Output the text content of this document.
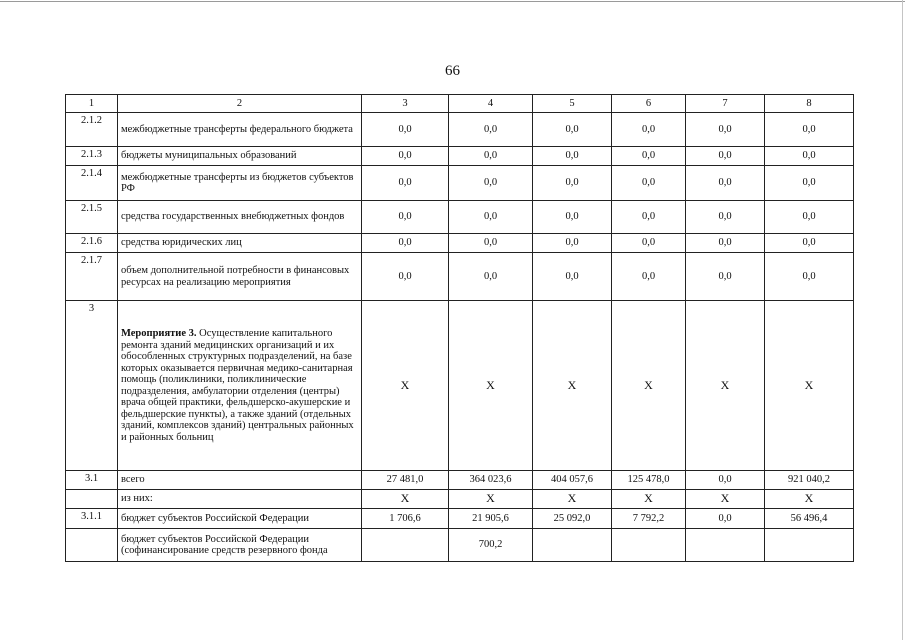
66
1	2	3	4	5	6	7	8
2.1.2	межбюджетные трансферты федерального бюджета	0,0	0,0	0,0	0,0	0,0	0,0
2.1.3	бюджеты муниципальных образований	0,0	0,0	0,0	0,0	0,0	0,0
2.1.4	межбюджетные трансферты из бюджетов субъектов РФ	0,0	0,0	0,0	0,0	0,0	0,0
2.1.5	средства государственных внебюджетных фондов	0,0	0,0	0,0	0,0	0,0	0,0
2.1.6	средства юридических лиц	0,0	0,0	0,0	0,0	0,0	0,0
2.1.7	объем дополнительной потребности в финансовых ресурсах на реализацию мероприятия	0,0	0,0	0,0	0,0	0,0	0,0
3	Мероприятие 3. Осуществление капитального ремонта зданий медицинских организаций и их обособленных структурных подразделений, на базе которых оказывается первичная медико-санитарная помощь (поликлиники, поликлинические подразделения, амбулатории отделения (центры) врача общей практики, фельдшерско-акушерские и фельдшерские пункты), а также зданий (отдельных зданий, комплексов зданий) центральных районных и районных больниц	Х	Х	Х	Х	Х	Х
3.1	всего	27 481,0	364 023,6	404 057,6	125 478,0	0,0	921 040,2
	из них:	Х	Х	Х	Х	Х	Х
3.1.1	бюджет субъектов Российской Федерации	1 706,6	21 905,6	25 092,0	7 792,2	0,0	56 496,4
	бюджет субъектов Российской Федерации (софинансирование средств резервного фонда		700,2				
